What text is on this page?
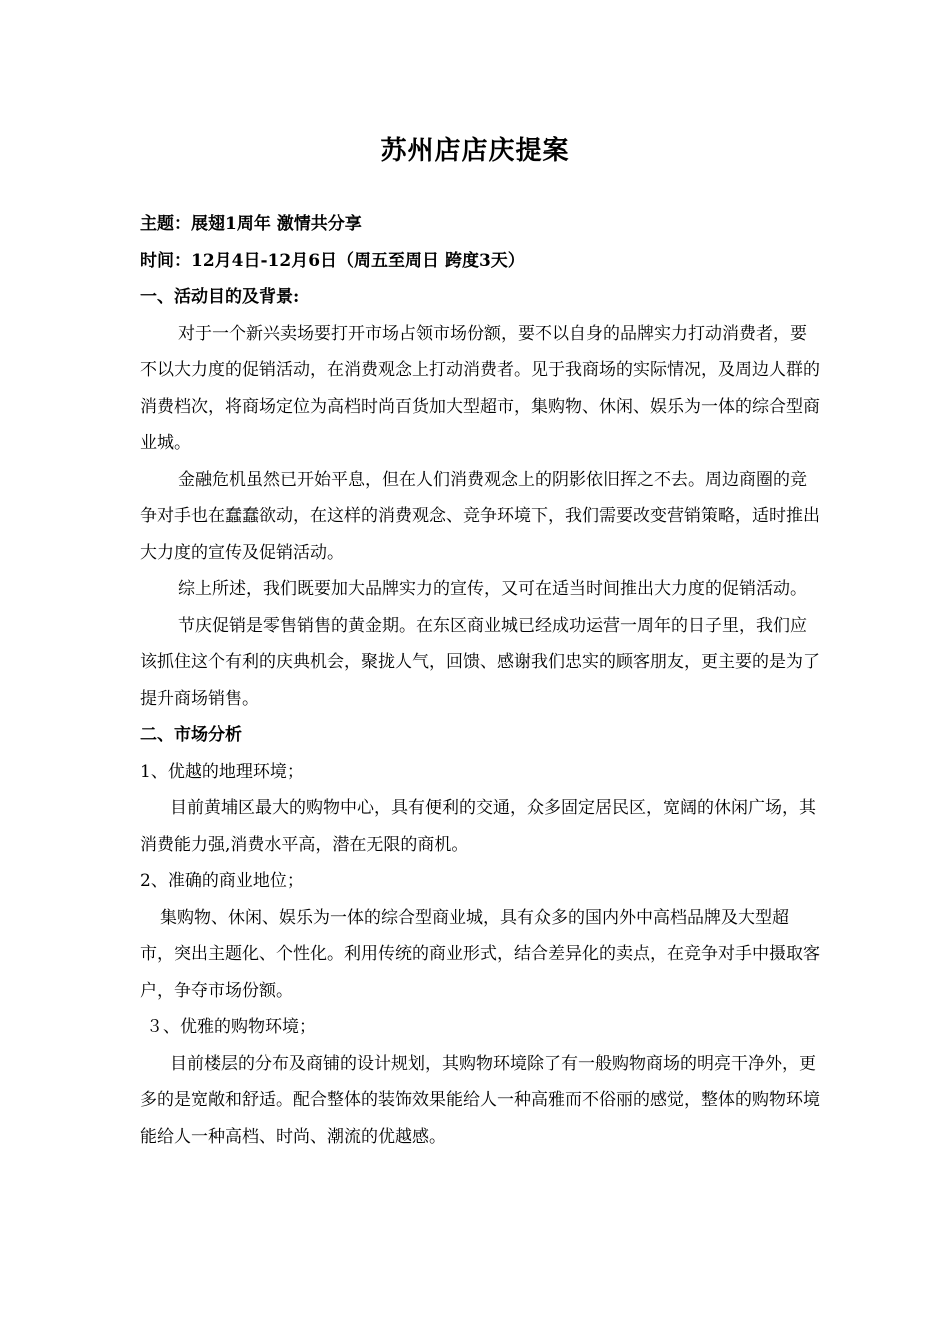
苏州店店庆提案

主题：展翅1周年 激情共分享

时间：12月4日-12月6日（周五至周日 跨度3天）

一、活动目的及背景:

对于一个新兴卖场要打开市场占领市场份额，要不以自身的品牌实力打动消费者，要不以大力度的促销活动，在消费观念上打动消费者。见于我商场的实际情况，及周边人群的消费档次，将商场定位为高档时尚百货加大型超市，集购物、休闲、娱乐为一体的综合型商业城。

金融危机虽然已开始平息，但在人们消费观念上的阴影依旧挥之不去。周边商圈的竞争对手也在蠢蠢欲动，在这样的消费观念、竞争环境下，我们需要改变营销策略，适时推出大力度的宣传及促销活动。

综上所述，我们既要加大品牌实力的宣传，又可在适当时间推出大力度的促销活动。

节庆促销是零售销售的黄金期。在东区商业城已经成功运营一周年的日子里，我们应该抓住这个有利的庆典机会，聚拢人气，回馈、感谢我们忠实的顾客朋友，更主要的是为了提升商场销售。

二、市场分析

1、优越的地理环境；

目前黄埔区最大的购物中心，具有便利的交通，众多固定居民区，宽阔的休闲广场，其消费能力强,消费水平高，潜在无限的商机。

2、准确的商业地位；

集购物、休闲、娱乐为一体的综合型商业城，具有众多的国内外中高档品牌及大型超市，突出主题化、个性化。利用传统的商业形式，结合差异化的卖点，在竞争对手中摄取客户，争夺市场份额。

３、优雅的购物环境；

目前楼层的分布及商铺的设计规划，其购物环境除了有一般购物商场的明亮干净外，更多的是宽敞和舒适。配合整体的装饰效果能给人一种高雅而不俗丽的感觉，整体的购物环境能给人一种高档、时尚、潮流的优越感。
